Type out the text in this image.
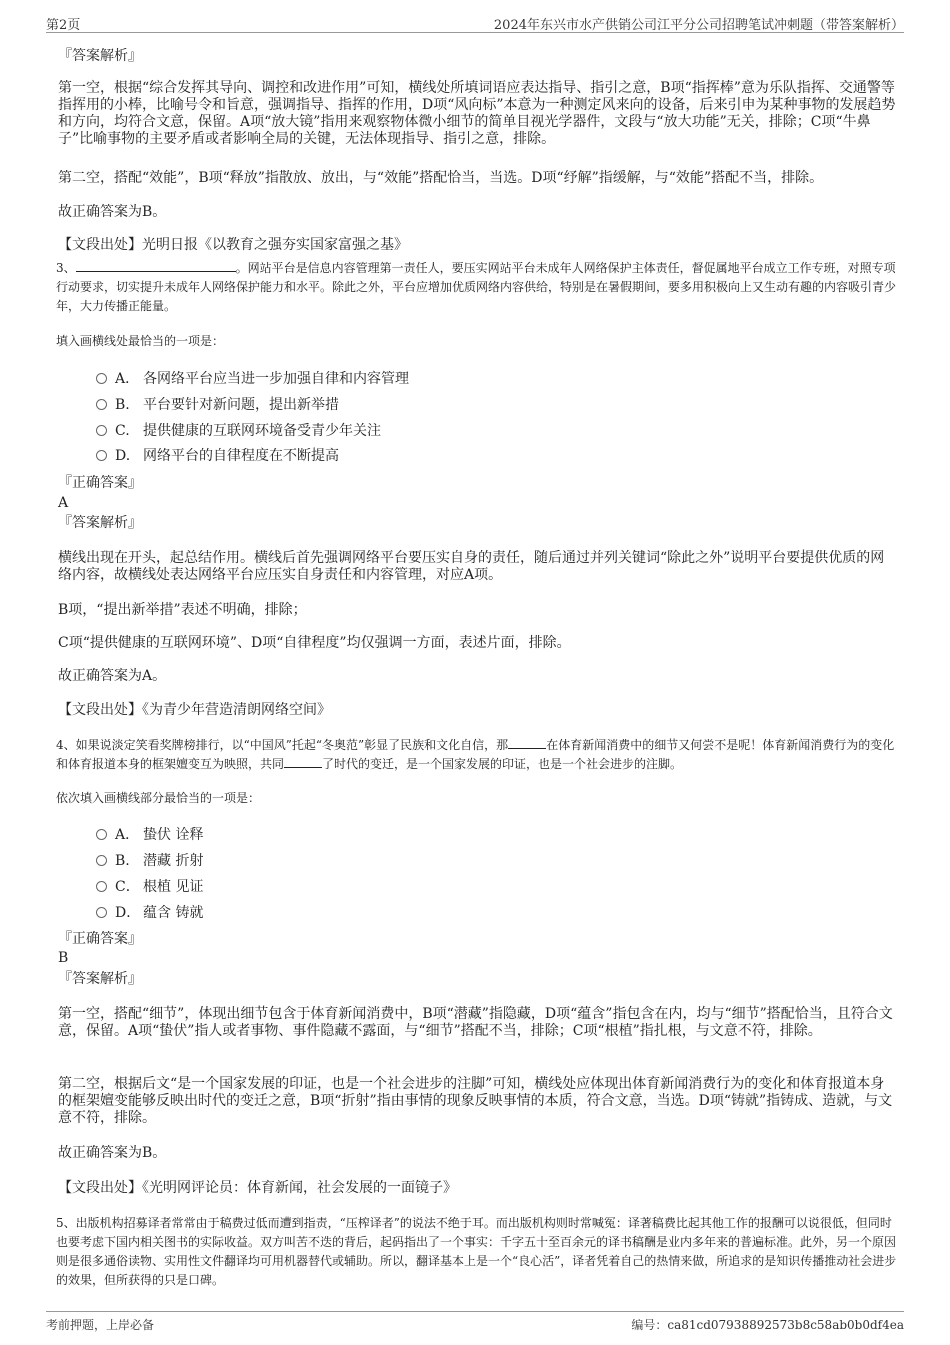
第2页	2024年东兴市水产供销公司江平分公司招聘笔试冲刺题（带答案解析）
『答案解析』
第一空，根据“综合发挥其导向、调控和改进作用”可知，横线处所填词语应表达指导、指引之意，B项“指挥棒”意为乐队指挥、交通警等指挥用的小棒，比喻号令和旨意，强调指导、指挥的作用，D项“风向标”本意为一种测定风来向的设备，后来引申为某种事物的发展趋势和方向，均符合文意，保留。A项“放大镜”指用来观察物体微小细节的简单目视光学器件，文段与“放大功能”无关，排除；C项“牛鼻子”比喻事物的主要矛盾或者影响全局的关键，无法体现指导、指引之意，排除。
第二空，搭配“效能”，B项“释放”指散放、放出，与“效能”搭配恰当，当选。D项“纾解”指缓解，与“效能”搭配不当，排除。
故正确答案为B。
【文段出处】光明日报《以教育之强夯实国家富强之基》
3、	。网站平台是信息内容管理第一责任人，要压实网站平台未成年人网络保护主体责任，督促属地平台成立工作专班，对照专项行动要求，切实提升未成年人网络保护能力和水平。除此之外，平台应增加优质网络内容供给，特别是在暑假期间，要多用积极向上又生动有趣的内容吸引青少年，大力传播正能量。
填入画横线处最恰当的一项是：
A． 各网络平台应当进一步加强自律和内容管理
B. 平台要针对新问题，提出新举措
C. 提供健康的互联网环境备受青少年关注
D. 网络平台的自律程度在不断提高
『正确答案』
A
『答案解析』
横线出现在开头，起总结作用。横线后首先强调网络平台要压实自身的责任，随后通过并列关键词“除此之外”说明平台要提供优质的网络内容，故横线处表达网络平台应压实自身责任和内容管理，对应A项。
B项，“提出新举措”表述不明确，排除；
C项“提供健康的互联网环境”、D项“自律程度”均仅强调一方面，表述片面，排除。
故正确答案为A。
【文段出处】《为青少年营造清朗网络空间》
4、如果说淡定笑看奖牌榜排行，以“中国风”托起“冬奥范”彰显了民族和文化自信，那	在体育新闻消费中的细节又何尝不是呢！体育新闻消费行为的变化和体育报道本身的框架嬗变互为映照，共同	了时代的变迁，是一个国家发展的印证，也是一个社会进步的注脚。
依次填入画横线部分最恰当的一项是：
A． 蛰伏 诠释
B. 潜藏 折射
C． 根植 见证
D． 蕴含 铸就
『正确答案』
B
『答案解析』
第一空，搭配“细节”，体现出细节包含于体育新闻消费中，B项“潜藏”指隐藏，D项“蕴含”指包含在内，均与“细节”搭配恰当，且符合文意，保留。A项“蛰伏”指人或者事物、事件隐藏不露面，与“细节”搭配不当，排除；C项“根植”指扎根，与文意不符，排除。
第二空，根据后文“是一个国家发展的印证，也是一个社会进步的注脚”可知，横线处应体现出体育新闻消费行为的变化和体育报道本身的框架嬗变能够反映出时代的变迁之意，B项“折射”指由事情的现象反映事情的本质，符合文意，当选。D项“铸就”指铸成、造就，与文意不符，排除。
故正确答案为B。
【文段出处】《光明网评论员：体育新闻，社会发展的一面镜子》
5、出版机构招募译者常常由于稿费过低而遭到指责，“压榨译者”的说法不绝于耳。而出版机构则时常喊冤：译著稿费比起其他工作的报酬可以说很低，但同时也要考虑下国内相关图书的实际收益。双方叫苦不迭的背后，起码指出了一个事实：千字五十至百余元的译书稿酬是业内多年来的普遍标准。此外，另一个原因则是很多通俗读物、实用性文件翻译均可用机器替代或辅助。所以，翻译基本上是一个“良心活”，译者凭着自己的热情来做，所追求的是知识传播推动社会进步的效果，但所获得的只是口碑。
考前押题，上岸必备	编号：ca81cd07938892573b8c58ab0b0df4ea
